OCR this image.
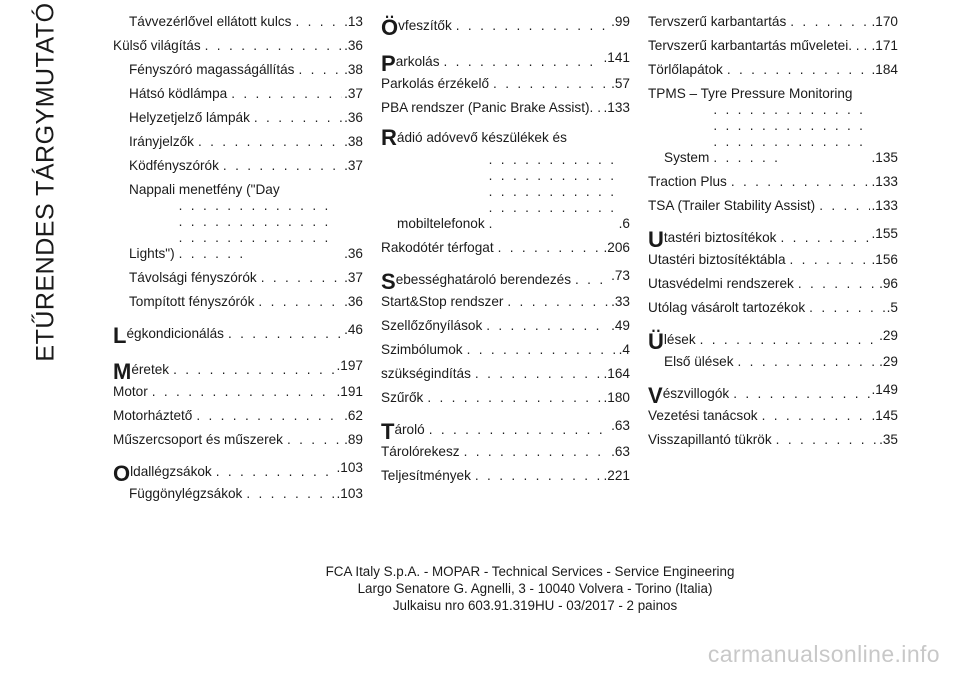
ETŰRENDES TÁRGYMUTATÓ	Távvezérlővel ellátott kulcs . . .	.13
Külső világítás . . .	.36
Fényszóró magasságállítás . . .	.38
Hátsó ködlámpa . . .	.37
Helyzetjelző lámpák . . .	.36
Irányjelzők . . .	.38
Ködfényszórók . . .	.37
Nappali menetfény ("Day
Lights") . . .	.36
Távolsági fényszórók . . .	.37
Tompított fényszórók . . .	.36
L égkondicionálás . . .	.46
M éretek . . .	.197
Motor . . .	.191
Motorháztető . . .	.62
Műszercsoport és műszerek . . .	.89
O ldallégzsákok . . .	.103
Függönylégzsákok . . .	.103
Ö vfeszítők . . .	.99
P arkolás . . .	.141
Parkolás érzékelő . . .	.57
PBA rendszer (Panic Brake Assist). . . . .133
R ádió adóvevő készülékek és
mobiltelefonok . . .	.6
Rakodótér térfogat . . .	.206
S ebességhatároló berendezés . . .	.73
Start&Stop rendszer . . .	.33
Szellőzőnyílások . . .	.49
Szimbólumok . . .	.4
szükségindítás . . .	.164
Szűrők . . .	.180
T ároló . . .	.63
Tárolórekesz . . .	.63
Teljesítmények . . .	.221
Tervszerű karbantartás . . .	.170
Tervszerű karbantartás műveletei. . . . . .171
Törlőlapátok . . .	.184
TPMS – Tyre Pressure Monitoring
System . . .	.135
Traction Plus . . .	.133
TSA (Trailer Stability Assist) . . .	.133
U tastéri biztosítékok . . .	.155
Utastéri biztosítéktábla . . .	.156
Utasvédelmi rendszerek . . .	.96
Utólag vásárolt tartozékok . . .	.5
Ü lések . . .	.29
Első ülések . . .	.29
V észvillogók . . .	.149
Vezetési tanácsok . . .	.145
Visszapillantó tükrök . . .	.35
FCA Italy S.p.A. - MOPAR - Technical Services - Service Engineering
Largo Senatore G. Agnelli, 3 - 10040 Volvera - Torino (Italia)
Julkaisu nro 603.91.319HU - 03/2017 - 2 painos
carmanualsonline.info
